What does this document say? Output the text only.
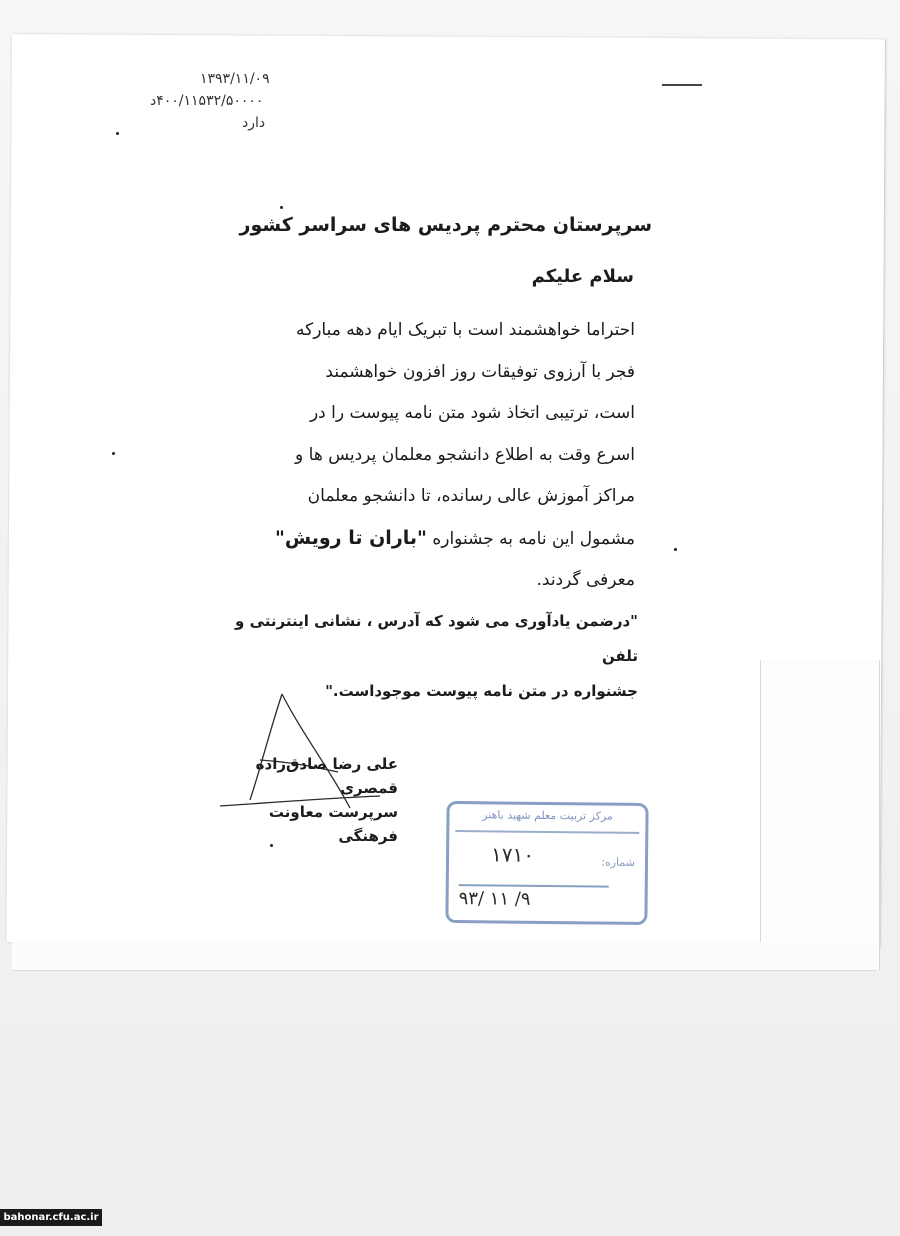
۱۳۹۳/۱۱/۰۹
۴۰۰/۱۱۵۳۲/۵۰۰۰۰د
دارد
سرپرستان محترم پردیس های سراسر کشور
سلام علیکم

احتراما خواهشمند است با تبریک ایام دهه مبارکه

فجر با آرزوی توفیقات روز افزون خواهشمند

است، ترتیبی اتخاذ شود متن نامه پیوست را در

اسرع وقت به اطلاع دانشجو معلمان پردیس ها و

مراکز آموزش عالی رسانده، تا دانشجو معلمان

مشمول این نامه به جشنواره "باران تا رویش"

معرفی گردند.

"درضمن یادآوری می شود که آدرس ، نشانی اینترنتی و تلفن
جشنواره در متن نامه پیوست موجوداست."
علی رضا صادق‌زاده قمصری
سرپرست معاونت فرهنگی
مرکز تربیت معلم شهید باهنر
شماره:
۱۷۱۰
۹۳/ ۱۱ /۹
bahonar.cfu.ac.ir
